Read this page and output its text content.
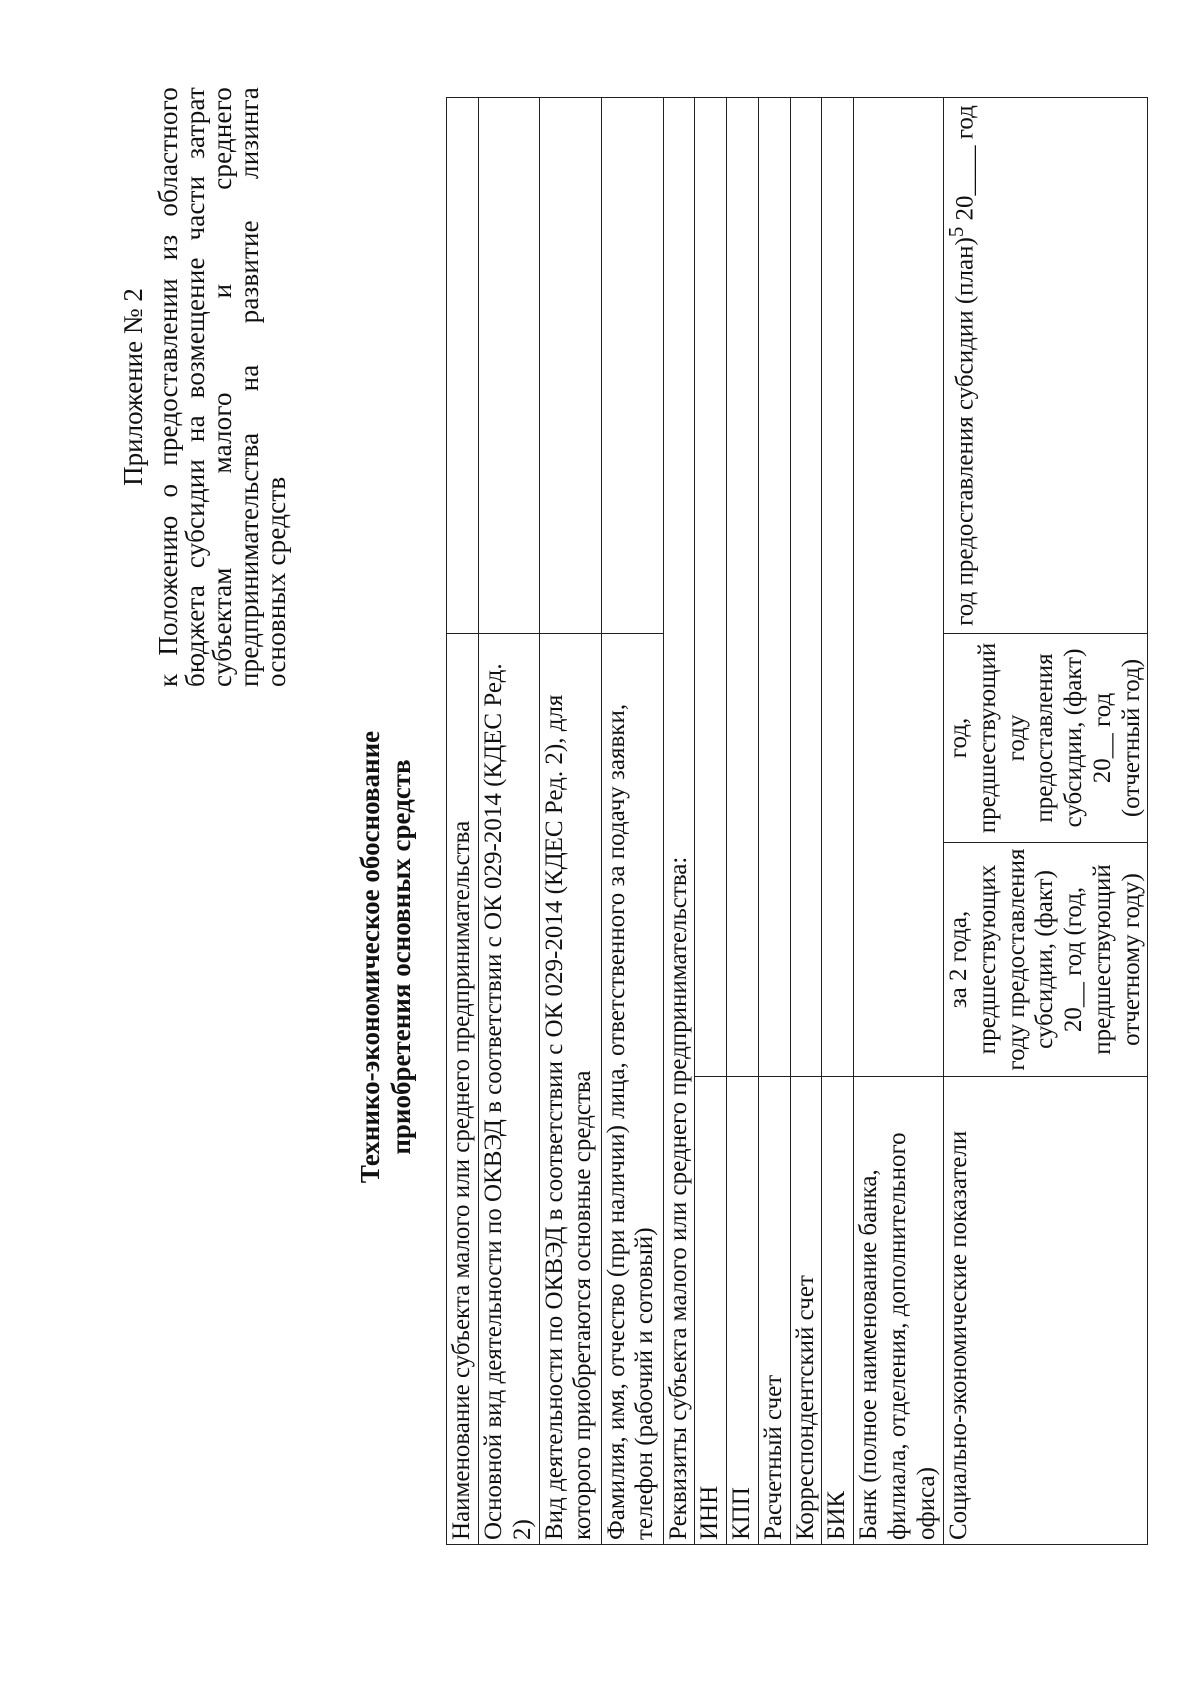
Приложение № 2 к Положению о предоставлении из областного бюджета субсидии на возмещение части затрат субъектам малого и среднего предпринимательства на развитие лизинга основных средств
Технико-экономическое обоснование приобретения основных средств Наименование субъекта малого или среднего предпринимательства			
Основной вид деятельности по ОКВЭД в соответствии с ОК 029-2014 (КДЕС Ред. 2)			
Вид деятельности по ОКВЭД в соответствии с ОК 029-2014 (КДЕС Ред. 2), для которого приобретаются основные средства			
Фамилия, имя, отчество (при наличии) лица, ответственного за подачу заявки, телефон (рабочий и сотовый)			
Реквизиты субъекта малого или среднего предпринимательства:			
ИНН			
КПП			
Расчетный счет			
Корреспондентский счет			
БИК			
Банк (полное наименование банка, филиала, отделения, дополнительного офиса)			
Социально-экономические показатели	за 2 года, предшествующих году предоставления субсидии, (факт) 20__ год (год, предшествующий отчетному году)	год, предшествующий году предоставления субсидии, (факт) 20__ год (отчетный год)	год предоставления субсидии (план)$^5$ 20____ год
